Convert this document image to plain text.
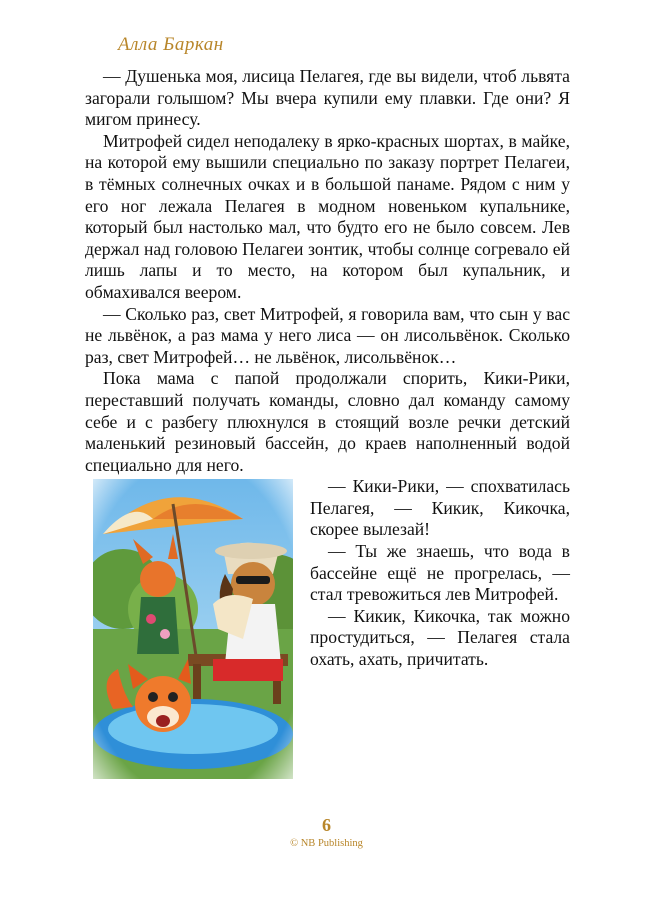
Алла Баркан

— Душенька моя, лисица Пелагея, где вы видели, чтоб львята загорали голышом? Мы вчера купили ему плавки. Где они? Я мигом принесу.

Митрофей сидел неподалеку в ярко-красных шортах, в майке, на которой ему вышили специально по заказу портрет Пелагеи, в тёмных солнечных очках и в большой панаме. Рядом с ним у его ног лежала Пелагея в модном новеньком купальнике, который был настолько мал, что будто его не было совсем. Лев держал над головою Пелагеи зонтик, чтобы солнце согревало ей лишь лапы и то место, на котором был купальник, и обмахивался веером.

— Сколько раз, свет Митрофей, я говорила вам, что сын у вас не львёнок, а раз мама у него лиса — он лисольвёнок. Сколько раз, свет Митрофей… не львёнок, лисольвёнок…

Пока мама с папой продолжали спорить, Кики-Рики, переставший получать команды, словно дал команду самому себе и с разбегу плюхнулся в стоящий возле речки детский маленький резиновый бассейн, до краев наполненный водой специально для него.

— Кики-Рики, — спохватилась Пелагея, — Кикик, Кикочка, скорее вылезай!

— Ты же знаешь, что вода в бассейне ещё не прогрелась, — стал тревожиться лев Митрофей.

— Кикик, Кикочка, так можно простудиться, — Пелагея стала охать, ахать, причитать.

6
© NB Publishing
